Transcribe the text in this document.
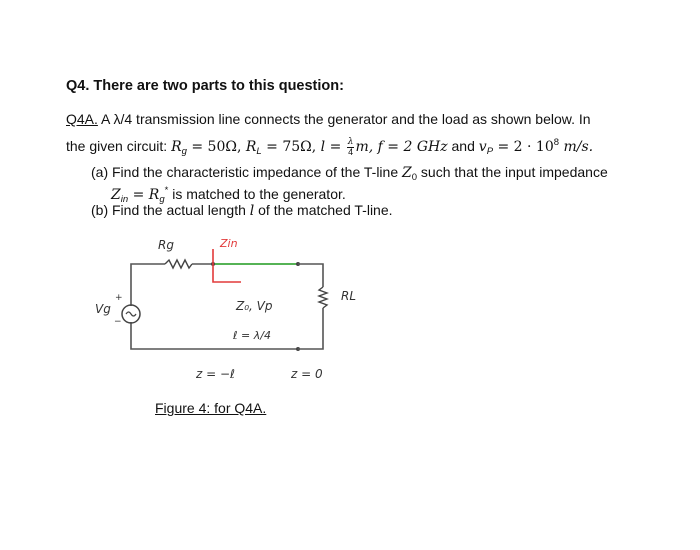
Q4. There are two parts to this question:
Q4A. A λ/4 transmission line connects the generator and the load as shown below. In
the given circuit: $R_g = 50\Omega$, $R_L = 75\Omega$, $l = \frac{\lambda}{4} m$, f = 2 GHz and $v_P = 2 \cdot 10^8$ m/s.
(a) Find the characteristic impedance of the T-line $Z_0$ such that the input impedance
$Z_{in} = R_g^*$ is matched to the generator.
(b) Find the actual length l of the matched T-line.
Rg	Zin
Vg
+
−
RL
Z₀, Vp
ℓ = λ/4
z = −ℓ	z = 0
Figure 4: for Q4A.
